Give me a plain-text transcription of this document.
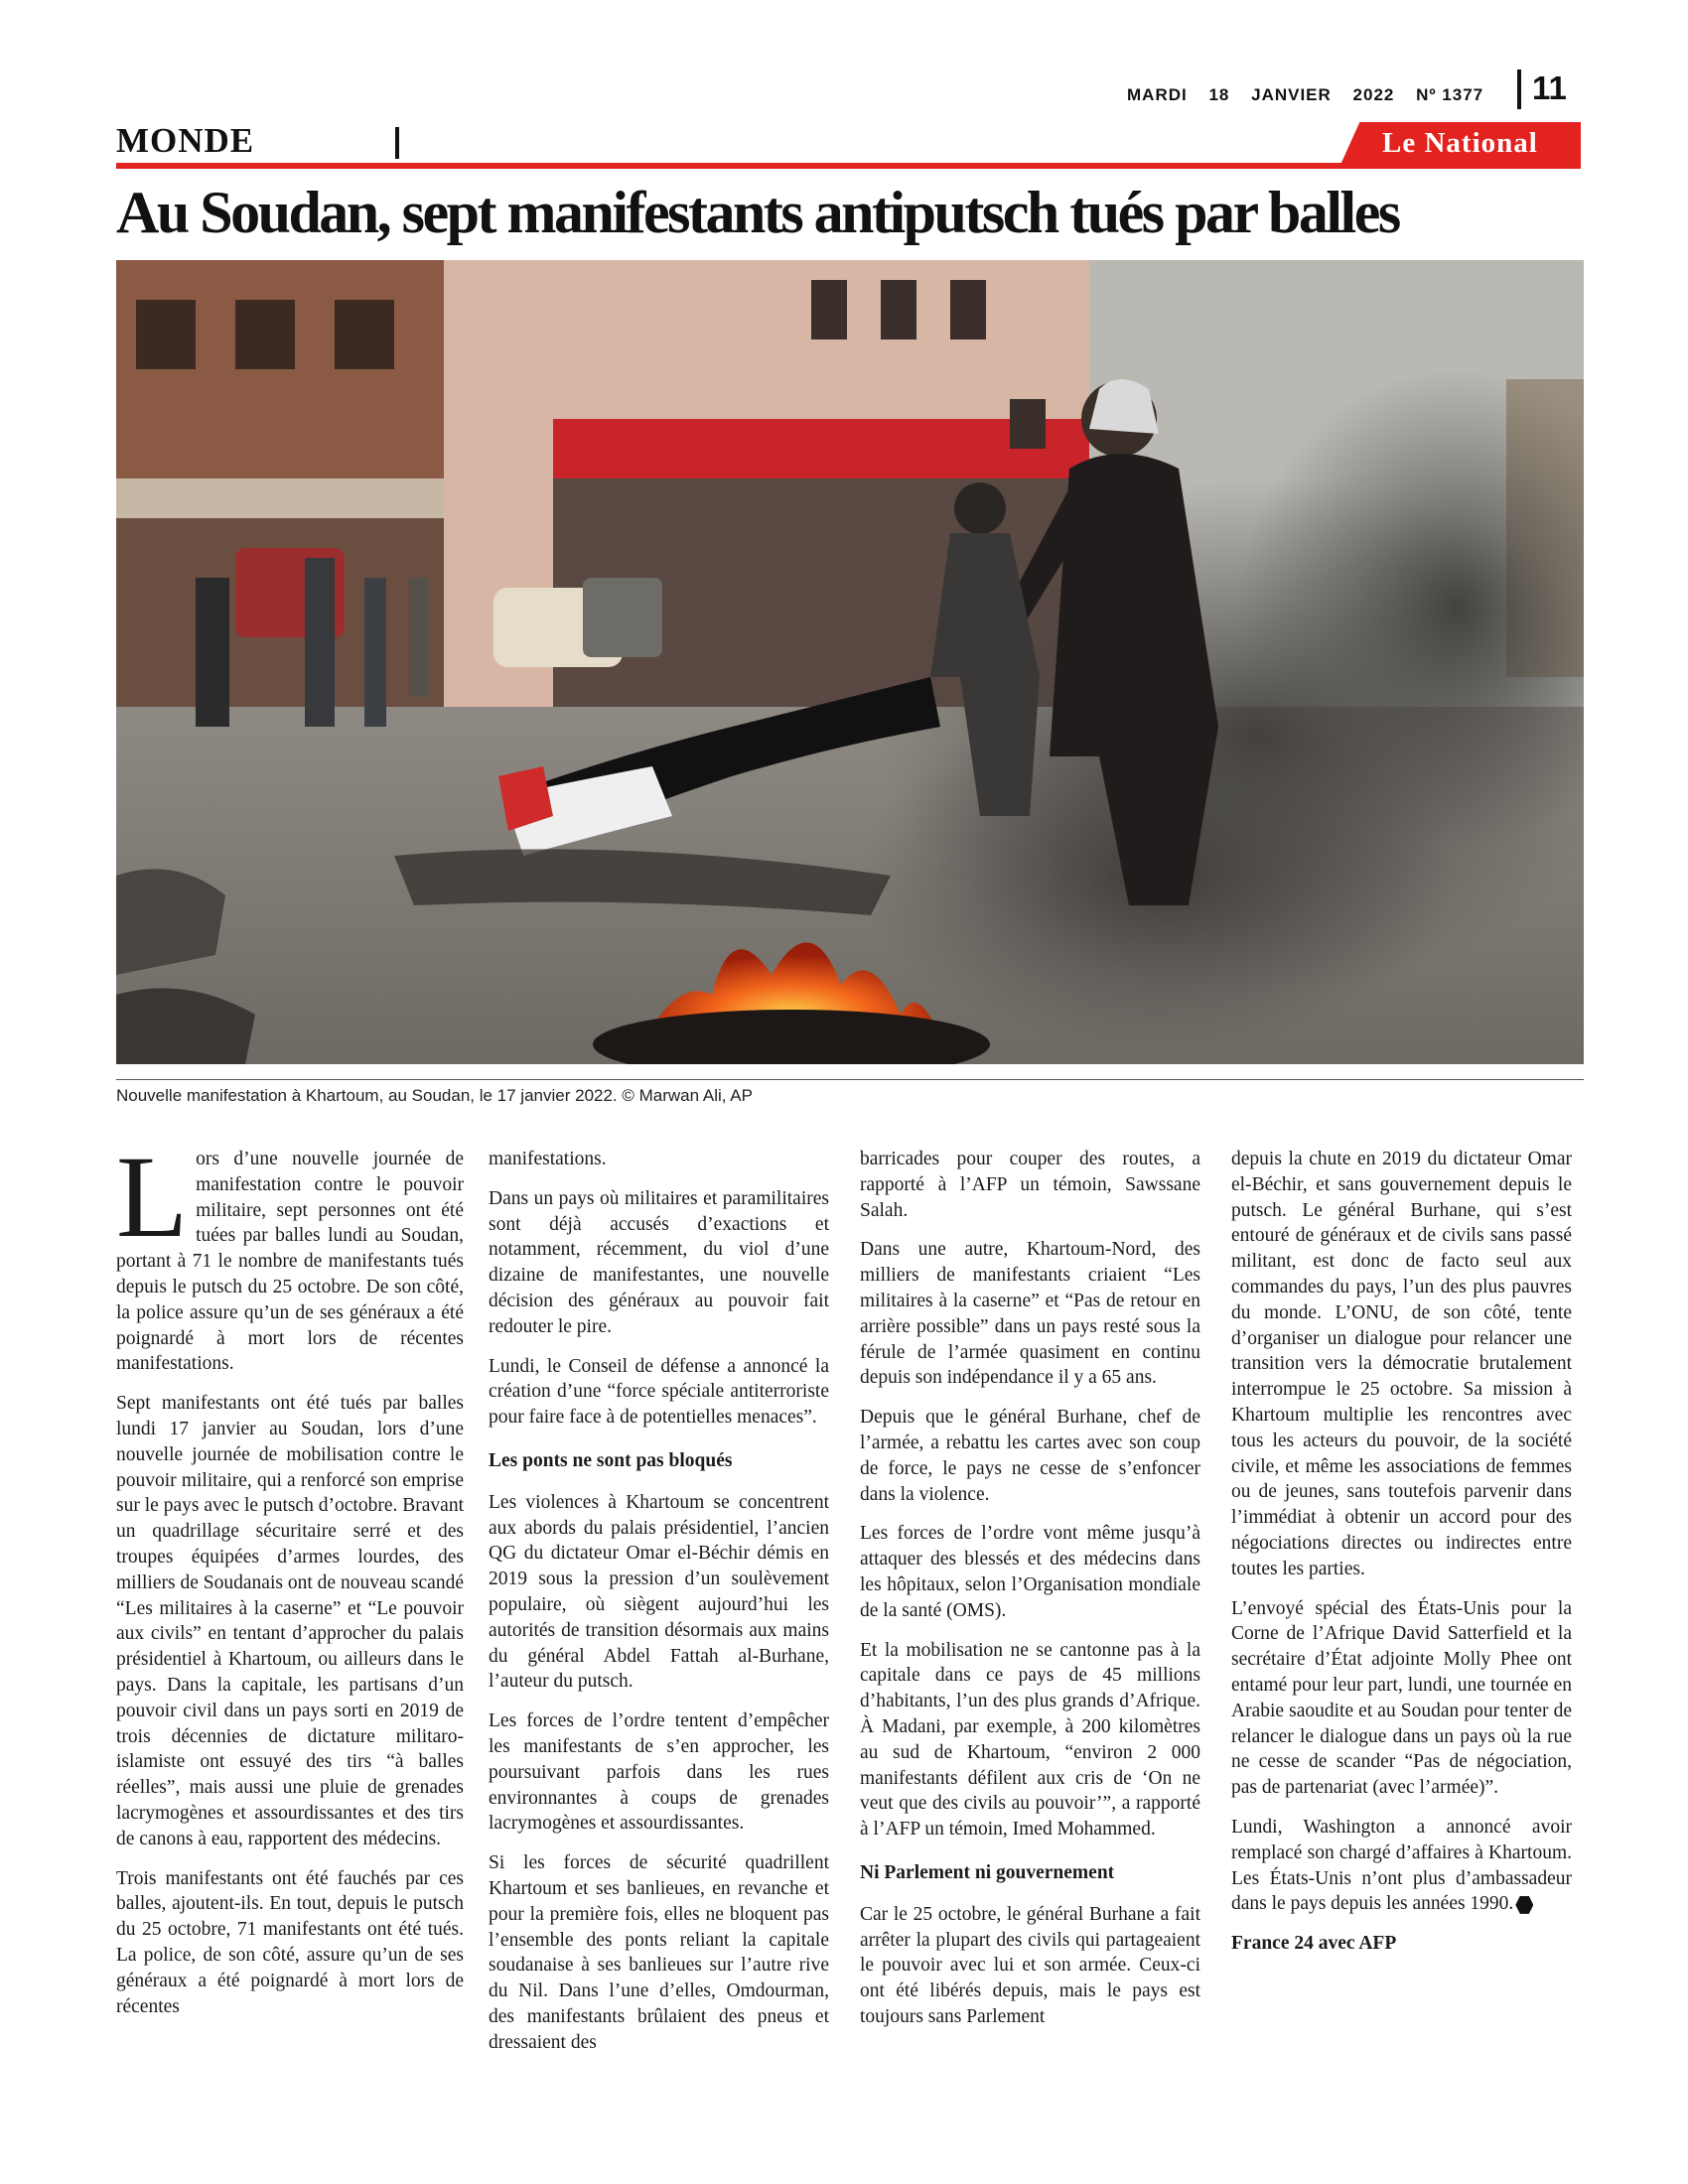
MARDI 18 JANVIER 2022 Nº 1377	11
MONDE	Le National
Au Soudan, sept manifestants antiputsch tués par balles
Nouvelle manifestation à Khartoum, au Soudan, le 17 janvier 2022. © Marwan Ali, AP

Lors d’une nouvelle journée de manifestation contre le pouvoir militaire, sept personnes ont été tuées par balles lundi au Soudan, portant à 71 le nombre de manifestants tués depuis le putsch du 25 octobre. De son côté, la police assure qu’un de ses généraux a été poignardé à mort lors de récentes manifestations.

Sept manifestants ont été tués par balles lundi 17 janvier au Soudan, lors d’une nouvelle journée de mobilisation contre le pouvoir militaire, qui a renforcé son emprise sur le pays avec le putsch d’octobre. Bravant un quadrillage sécuritaire serré et des troupes équipées d’armes lourdes, des milliers de Soudanais ont de nouveau scandé “Les militaires à la caserne” et “Le pouvoir aux civils” en tentant d’approcher du palais présidentiel à Khartoum, ou ailleurs dans le pays. Dans la capitale, les partisans d’un pouvoir civil dans un pays sorti en 2019 de trois décennies de dictature militaro-islamiste ont essuyé des tirs “à balles réelles”, mais aussi une pluie de grenades lacrymogènes et assourdissantes et des tirs de canons à eau, rapportent des médecins.

Trois manifestants ont été fauchés par ces balles, ajoutent-ils. En tout, depuis le putsch du 25 octobre, 71 manifestants ont été tués. La police, de son côté, assure qu’un de ses généraux a été poignardé à mort lors de récentes

manifestations.

Dans un pays où militaires et paramilitaires sont déjà accusés d’exactions et notamment, récemment, du viol d’une dizaine de manifestantes, une nouvelle décision des généraux au pouvoir fait redouter le pire.

Lundi, le Conseil de défense a annoncé la création d’une “force spéciale antiterroriste pour faire face à de potentielles menaces”.

Les ponts ne sont pas bloqués

Les violences à Khartoum se concentrent aux abords du palais présidentiel, l’ancien QG du dictateur Omar el-Béchir démis en 2019 sous la pression d’un soulèvement populaire, où siègent aujourd’hui les autorités de transition désormais aux mains du général Abdel Fattah al-Burhane, l’auteur du putsch.

Les forces de l’ordre tentent d’empêcher les manifestants de s’en approcher, les poursuivant parfois dans les rues environnantes à coups de grenades lacrymogènes et assourdissantes.

Si les forces de sécurité quadrillent Khartoum et ses banlieues, en revanche et pour la première fois, elles ne bloquent pas l’ensemble des ponts reliant la capitale soudanaise à ses banlieues sur l’autre rive du Nil. Dans l’une d’elles, Omdourman, des manifestants brûlaient des pneus et dressaient des

barricades pour couper des routes, a rapporté à l’AFP un témoin, Sawssane Salah.

Dans une autre, Khartoum-Nord, des milliers de manifestants criaient “Les militaires à la caserne” et “Pas de retour en arrière possible” dans un pays resté sous la férule de l’armée quasiment en continu depuis son indépendance il y a 65 ans.

Depuis que le général Burhane, chef de l’armée, a rebattu les cartes avec son coup de force, le pays ne cesse de s’enfoncer dans la violence.

Les forces de l’ordre vont même jusqu’à attaquer des blessés et des médecins dans les hôpitaux, selon l’Organisation mondiale de la santé (OMS).

Et la mobilisation ne se cantonne pas à la capitale dans ce pays de 45 millions d’habitants, l’un des plus grands d’Afrique. À Madani, par exemple, à 200 kilomètres au sud de Khartoum, “environ 2 000 manifestants défilent aux cris de ‘On ne veut que des civils au pouvoir’”, a rapporté à l’AFP un témoin, Imed Mohammed.

Ni Parlement ni gouvernement

Car le 25 octobre, le général Burhane a fait arrêter la plupart des civils qui partageaient le pouvoir avec lui et son armée. Ceux-ci ont été libérés depuis, mais le pays est toujours sans Parlement

depuis la chute en 2019 du dictateur Omar el-Béchir, et sans gouvernement depuis le putsch. Le général Burhane, qui s’est entouré de généraux et de civils sans passé militant, est donc de facto seul aux commandes du pays, l’un des plus pauvres du monde. L’ONU, de son côté, tente d’organiser un dialogue pour relancer une transition vers la démocratie brutalement interrompue le 25 octobre. Sa mission à Khartoum multiplie les rencontres avec tous les acteurs du pouvoir, de la société civile, et même les associations de femmes ou de jeunes, sans toutefois parvenir dans l’immédiat à obtenir un accord pour des négociations directes ou indirectes entre toutes les parties.

L’envoyé spécial des États-Unis pour la Corne de l’Afrique David Satterfield et la secrétaire d’État adjointe Molly Phee ont entamé pour leur part, lundi, une tournée en Arabie saoudite et au Soudan pour tenter de relancer le dialogue dans un pays où la rue ne cesse de scander “Pas de négociation, pas de partenariat (avec l’armée)”.

Lundi, Washington a annoncé avoir remplacé son chargé d’affaires à Khartoum. Les États-Unis n’ont plus d’ambassadeur dans le pays depuis les années 1990.

France 24 avec AFP
